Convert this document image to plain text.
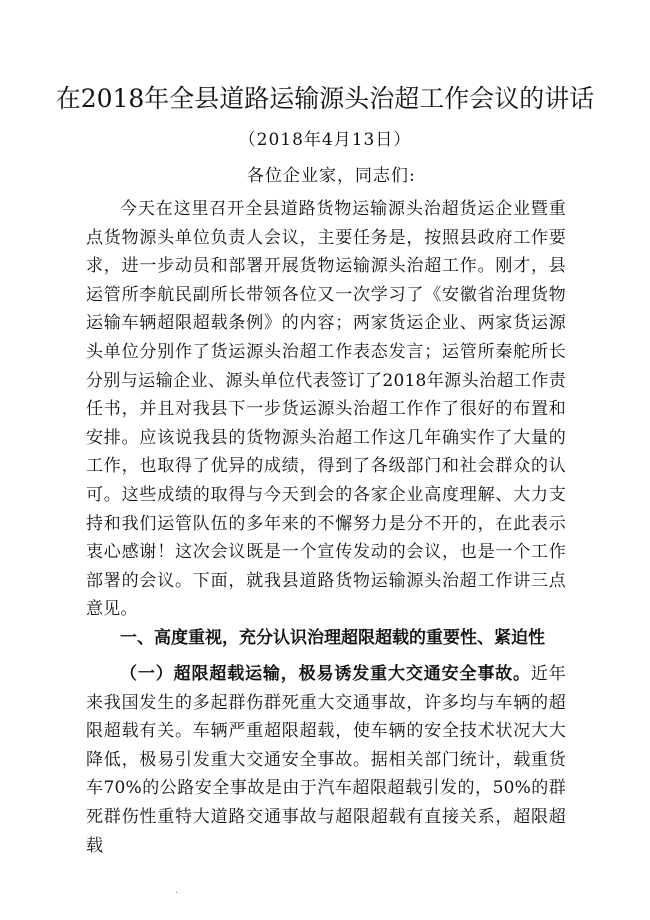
在2018年全县道路运输源头治超工作会议的讲话
（2018年4月13日）
各位企业家，同志们:

今天在这里召开全县道路货物运输源头治超货运企业暨重点货物源头单位负责人会议，主要任务是，按照县政府工作要求，进一步动员和部署开展货物运输源头治超工作。刚才，县运管所李航民副所长带领各位又一次学习了《安徽省治理货物运输车辆超限超载条例》的内容；两家货运企业、两家货运源头单位分别作了货运源头治超工作表态发言；运管所秦舵所长分别与运输企业、源头单位代表签订了2018年源头治超工作责任书，并且对我县下一步货运源头治超工作作了很好的布置和安排。应该说我县的货物源头治超工作这几年确实作了大量的工作，也取得了优异的成绩，得到了各级部门和社会群众的认可。这些成绩的取得与今天到会的各家企业高度理解、大力支持和我们运管队伍的多年来的不懈努力是分不开的，在此表示衷心感谢！这次会议既是一个宣传发动的会议，也是一个工作部署的会议。下面，就我县道路货物运输源头治超工作讲三点意见。

一、高度重视，充分认识治理超限超载的重要性、紧迫性

（一）超限超载运输，极易诱发重大交通安全事故。近年来我国发生的多起群伤群死重大交通事故，许多均与车辆的超限超载有关。车辆严重超限超载，使车辆的安全技术状况大大降低，极易引发重大交通安全事故。据相关部门统计，载重货车70%的公路安全事故是由于汽车超限超载引发的，50%的群死群伤性重特大道路交通事故与超限超载有直接关系，超限超载

.
